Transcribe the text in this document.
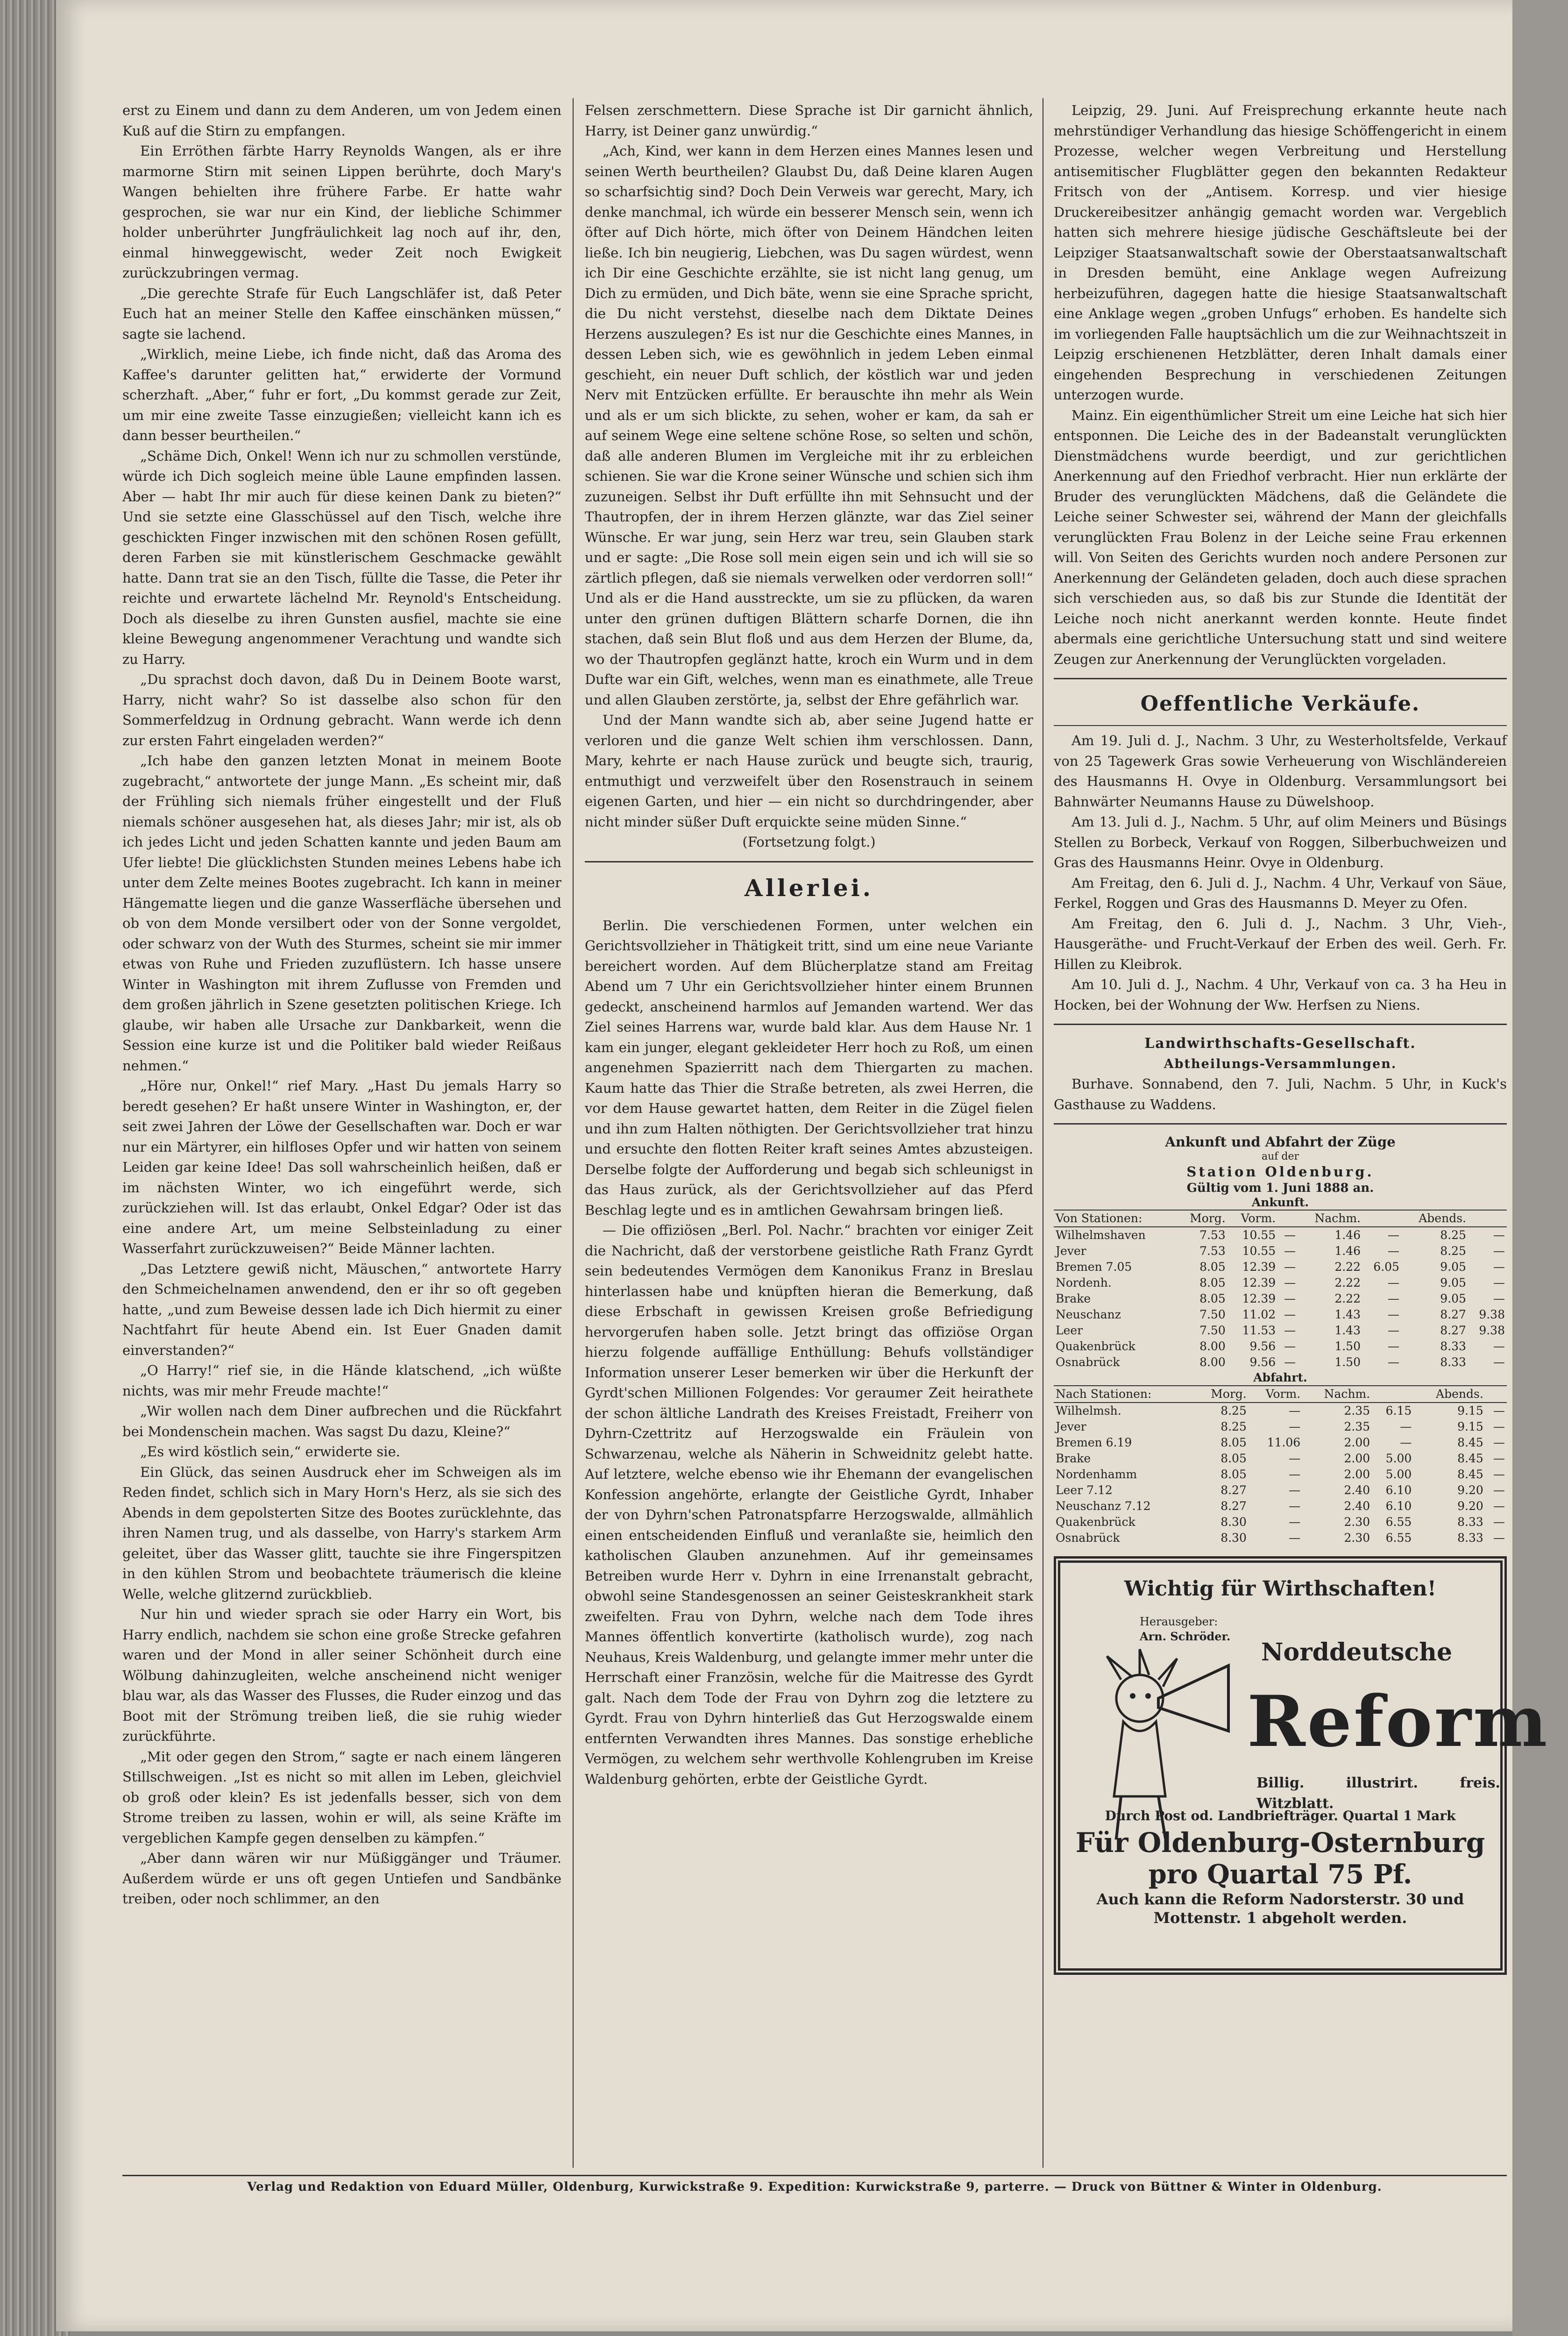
erst zu Einem und dann zu dem Anderen, um von Jedem einen Kuß auf die Stirn zu empfangen.

Ein Erröthen färbte Harry Reynolds Wangen, als er ihre marmorne Stirn mit seinen Lippen berührte, doch Mary's Wangen behielten ihre frühere Farbe. Er hatte wahr gesprochen, sie war nur ein Kind, der liebliche Schimmer holder unberührter Jungfräulichkeit lag noch auf ihr, den, einmal hinweggewischt, weder Zeit noch Ewigkeit zurückzubringen vermag.

„Die gerechte Strafe für Euch Langschläfer ist, daß Peter Euch hat an meiner Stelle den Kaffee einschänken müssen,“ sagte sie lachend.

„Wirklich, meine Liebe, ich finde nicht, daß das Aroma des Kaffee's darunter gelitten hat,“ erwiderte der Vormund scherzhaft. „Aber,“ fuhr er fort, „Du kommst gerade zur Zeit, um mir eine zweite Tasse einzugießen; vielleicht kann ich es dann besser beurtheilen.“

„Schäme Dich, Onkel! Wenn ich nur zu schmollen verstünde, würde ich Dich sogleich meine üble Laune empfinden lassen. Aber — habt Ihr mir auch für diese keinen Dank zu bieten?“ Und sie setzte eine Glasschüssel auf den Tisch, welche ihre geschickten Finger inzwischen mit den schönen Rosen gefüllt, deren Farben sie mit künstlerischem Geschmacke gewählt hatte. Dann trat sie an den Tisch, füllte die Tasse, die Peter ihr reichte und erwartete lächelnd Mr. Reynold's Entscheidung. Doch als dieselbe zu ihren Gunsten ausfiel, machte sie eine kleine Bewegung angenommener Verachtung und wandte sich zu Harry.

„Du sprachst doch davon, daß Du in Deinem Boote warst, Harry, nicht wahr? So ist dasselbe also schon für den Sommerfeldzug in Ordnung gebracht. Wann werde ich denn zur ersten Fahrt eingeladen werden?“

„Ich habe den ganzen letzten Monat in meinem Boote zugebracht,“ antwortete der junge Mann. „Es scheint mir, daß der Frühling sich niemals früher eingestellt und der Fluß niemals schöner ausgesehen hat, als dieses Jahr; mir ist, als ob ich jedes Licht und jeden Schatten kannte und jeden Baum am Ufer liebte! Die glücklichsten Stunden meines Lebens habe ich unter dem Zelte meines Bootes zugebracht. Ich kann in meiner Hängematte liegen und die ganze Wasserfläche übersehen und ob von dem Monde versilbert oder von der Sonne vergoldet, oder schwarz von der Wuth des Sturmes, scheint sie mir immer etwas von Ruhe und Frieden zuzuflüstern. Ich hasse unsere Winter in Washington mit ihrem Zuflusse von Fremden und dem großen jährlich in Szene gesetzten politischen Kriege. Ich glaube, wir haben alle Ursache zur Dankbarkeit, wenn die Session eine kurze ist und die Politiker bald wieder Reißaus nehmen.“

„Höre nur, Onkel!“ rief Mary. „Hast Du jemals Harry so beredt gesehen? Er haßt unsere Winter in Washington, er, der seit zwei Jahren der Löwe der Gesellschaften war. Doch er war nur ein Märtyrer, ein hilfloses Opfer und wir hatten von seinem Leiden gar keine Idee! Das soll wahrscheinlich heißen, daß er im nächsten Winter, wo ich eingeführt werde, sich zurückziehen will. Ist das erlaubt, Onkel Edgar? Oder ist das eine andere Art, um meine Selbsteinladung zu einer Wasserfahrt zurückzuweisen?“ Beide Männer lachten.

„Das Letztere gewiß nicht, Mäuschen,“ antwortete Harry den Schmeichelnamen anwendend, den er ihr so oft gegeben hatte, „und zum Beweise dessen lade ich Dich hiermit zu einer Nachtfahrt für heute Abend ein. Ist Euer Gnaden damit einverstanden?“

„O Harry!“ rief sie, in die Hände klatschend, „ich wüßte nichts, was mir mehr Freude machte!“

„Wir wollen nach dem Diner aufbrechen und die Rückfahrt bei Mondenschein machen. Was sagst Du dazu, Kleine?“

„Es wird köstlich sein,“ erwiderte sie.

Ein Glück, das seinen Ausdruck eher im Schweigen als im Reden findet, schlich sich in Mary Horn's Herz, als sie sich des Abends in dem gepolsterten Sitze des Bootes zurücklehnte, das ihren Namen trug, und als dasselbe, von Harry's starkem Arm geleitet, über das Wasser glitt, tauchte sie ihre Fingerspitzen in den kühlen Strom und beobachtete träumerisch die kleine Welle, welche glitzernd zurückblieb.

Nur hin und wieder sprach sie oder Harry ein Wort, bis Harry endlich, nachdem sie schon eine große Strecke gefahren waren und der Mond in aller seiner Schönheit durch eine Wölbung dahinzugleiten, welche anscheinend nicht weniger blau war, als das Wasser des Flusses, die Ruder einzog und das Boot mit der Strömung treiben ließ, die sie ruhig wieder zurückführte.

„Mit oder gegen den Strom,“ sagte er nach einem längeren Stillschweigen. „Ist es nicht so mit allen im Leben, gleichviel ob groß oder klein? Es ist jedenfalls besser, sich von dem Strome treiben zu lassen, wohin er will, als seine Kräfte im vergeblichen Kampfe gegen denselben zu kämpfen.“

„Aber dann wären wir nur Müßiggänger und Träumer. Außerdem würde er uns oft gegen Untiefen und Sandbänke treiben, oder noch schlimmer, an den

Felsen zerschmettern. Diese Sprache ist Dir garnicht ähnlich, Harry, ist Deiner ganz unwürdig.“

„Ach, Kind, wer kann in dem Herzen eines Mannes lesen und seinen Werth beurtheilen? Glaubst Du, daß Deine klaren Augen so scharfsichtig sind? Doch Dein Verweis war gerecht, Mary, ich denke manchmal, ich würde ein besserer Mensch sein, wenn ich öfter auf Dich hörte, mich öfter von Deinem Händchen leiten ließe. Ich bin neugierig, Liebchen, was Du sagen würdest, wenn ich Dir eine Geschichte erzählte, sie ist nicht lang genug, um Dich zu ermüden, und Dich bäte, wenn sie eine Sprache spricht, die Du nicht verstehst, dieselbe nach dem Diktate Deines Herzens auszulegen? Es ist nur die Geschichte eines Mannes, in dessen Leben sich, wie es gewöhnlich in jedem Leben einmal geschieht, ein neuer Duft schlich, der köstlich war und jeden Nerv mit Entzücken erfüllte. Er berauschte ihn mehr als Wein und als er um sich blickte, zu sehen, woher er kam, da sah er auf seinem Wege eine seltene schöne Rose, so selten und schön, daß alle anderen Blumen im Vergleiche mit ihr zu erbleichen schienen. Sie war die Krone seiner Wünsche und schien sich ihm zuzuneigen. Selbst ihr Duft erfüllte ihn mit Sehnsucht und der Thautropfen, der in ihrem Herzen glänzte, war das Ziel seiner Wünsche. Er war jung, sein Herz war treu, sein Glauben stark und er sagte: „Die Rose soll mein eigen sein und ich will sie so zärtlich pflegen, daß sie niemals verwelken oder verdorren soll!“ Und als er die Hand ausstreckte, um sie zu pflücken, da waren unter den grünen duftigen Blättern scharfe Dornen, die ihn stachen, daß sein Blut floß und aus dem Herzen der Blume, da, wo der Thautropfen geglänzt hatte, kroch ein Wurm und in dem Dufte war ein Gift, welches, wenn man es einathmete, alle Treue und allen Glauben zerstörte, ja, selbst der Ehre gefährlich war.

Und der Mann wandte sich ab, aber seine Jugend hatte er verloren und die ganze Welt schien ihm verschlossen. Dann, Mary, kehrte er nach Hause zurück und beugte sich, traurig, entmuthigt und verzweifelt über den Rosenstrauch in seinem eigenen Garten, und hier — ein nicht so durchdringender, aber nicht minder süßer Duft erquickte seine müden Sinne.“

(Fortsetzung folgt.)

Allerlei.

Berlin. Die verschiedenen Formen, unter welchen ein Gerichtsvollzieher in Thätigkeit tritt, sind um eine neue Variante bereichert worden. Auf dem Blücherplatze stand am Freitag Abend um 7 Uhr ein Gerichtsvollzieher hinter einem Brunnen gedeckt, anscheinend harmlos auf Jemanden wartend. Wer das Ziel seines Harrens war, wurde bald klar. Aus dem Hause Nr. 1 kam ein junger, elegant gekleideter Herr hoch zu Roß, um einen angenehmen Spazierritt nach dem Thiergarten zu machen. Kaum hatte das Thier die Straße betreten, als zwei Herren, die vor dem Hause gewartet hatten, dem Reiter in die Zügel fielen und ihn zum Halten nöthigten. Der Gerichtsvollzieher trat hinzu und ersuchte den flotten Reiter kraft seines Amtes abzusteigen. Derselbe folgte der Aufforderung und begab sich schleunigst in das Haus zurück, als der Gerichtsvollzieher auf das Pferd Beschlag legte und es in amtlichen Gewahrsam bringen ließ.

— Die offiziösen „Berl. Pol. Nachr.“ brachten vor einiger Zeit die Nachricht, daß der verstorbene geistliche Rath Franz Gyrdt sein bedeutendes Vermögen dem Kanonikus Franz in Breslau hinterlassen habe und knüpften hieran die Bemerkung, daß diese Erbschaft in gewissen Kreisen große Befriedigung hervorgerufen haben solle. Jetzt bringt das offiziöse Organ hierzu folgende auffällige Enthüllung: Behufs vollständiger Information unserer Leser bemerken wir über die Herkunft der Gyrdt'schen Millionen Folgendes: Vor geraumer Zeit heirathete der schon ältliche Landrath des Kreises Freistadt, Freiherr von Dyhrn-Czettritz auf Herzogswalde ein Fräulein von Schwarzenau, welche als Näherin in Schweidnitz gelebt hatte. Auf letztere, welche ebenso wie ihr Ehemann der evangelischen Konfession angehörte, erlangte der Geistliche Gyrdt, Inhaber der von Dyhrn'schen Patronatspfarre Herzogswalde, allmählich einen entscheidenden Einfluß und veranlaßte sie, heimlich den katholischen Glauben anzunehmen. Auf ihr gemeinsames Betreiben wurde Herr v. Dyhrn in eine Irrenanstalt gebracht, obwohl seine Standesgenossen an seiner Geisteskrankheit stark zweifelten. Frau von Dyhrn, welche nach dem Tode ihres Mannes öffentlich konvertirte (katholisch wurde), zog nach Neuhaus, Kreis Waldenburg, und gelangte immer mehr unter die Herrschaft einer Französin, welche für die Maitresse des Gyrdt galt. Nach dem Tode der Frau von Dyhrn zog die letztere zu Gyrdt. Frau von Dyhrn hinterließ das Gut Herzogswalde einem entfernten Verwandten ihres Mannes. Das sonstige erhebliche Vermögen, zu welchem sehr werthvolle Kohlengruben im Kreise Waldenburg gehörten, erbte der Geistliche Gyrdt.

Leipzig, 29. Juni. Auf Freisprechung erkannte heute nach mehrstündiger Verhandlung das hiesige Schöffengericht in einem Prozesse, welcher wegen Verbreitung und Herstellung antisemitischer Flugblätter gegen den bekannten Redakteur Fritsch von der „Antisem. Korresp. und vier hiesige Druckereibesitzer anhängig gemacht worden war. Vergeblich hatten sich mehrere hiesige jüdische Geschäftsleute bei der Leipziger Staatsanwaltschaft sowie der Oberstaatsanwaltschaft in Dresden bemüht, eine Anklage wegen Aufreizung herbeizuführen, dagegen hatte die hiesige Staatsanwaltschaft eine Anklage wegen „groben Unfugs“ erhoben. Es handelte sich im vorliegenden Falle hauptsächlich um die zur Weihnachtszeit in Leipzig erschienenen Hetzblätter, deren Inhalt damals einer eingehenden Besprechung in verschiedenen Zeitungen unterzogen wurde.

Mainz. Ein eigenthümlicher Streit um eine Leiche hat sich hier entsponnen. Die Leiche des in der Badeanstalt verunglückten Dienstmädchens wurde beerdigt, und zur gerichtlichen Anerkennung auf den Friedhof verbracht. Hier nun erklärte der Bruder des verunglückten Mädchens, daß die Geländete die Leiche seiner Schwester sei, während der Mann der gleichfalls verunglückten Frau Bolenz in der Leiche seine Frau erkennen will. Von Seiten des Gerichts wurden noch andere Personen zur Anerkennung der Geländeten geladen, doch auch diese sprachen sich verschieden aus, so daß bis zur Stunde die Identität der Leiche noch nicht anerkannt werden konnte. Heute findet abermals eine gerichtliche Untersuchung statt und sind weitere Zeugen zur Anerkennung der Verunglückten vorgeladen.

Oeffentliche Verkäufe.

Am 19. Juli d. J., Nachm. 3 Uhr, zu Westerholtsfelde, Verkauf von 25 Tagewerk Gras sowie Verheuerung von Wischländereien des Hausmanns H. Ovye in Oldenburg. Versammlungsort bei Bahnwärter Neumanns Hause zu Düwelshoop.

Am 13. Juli d. J., Nachm. 5 Uhr, auf olim Meiners und Büsings Stellen zu Borbeck, Verkauf von Roggen, Silberbuchweizen und Gras des Hausmanns Heinr. Ovye in Oldenburg.

Am Freitag, den 6. Juli d. J., Nachm. 4 Uhr, Verkauf von Säue, Ferkel, Roggen und Gras des Hausmanns D. Meyer zu Ofen.

Am Freitag, den 6. Juli d. J., Nachm. 3 Uhr, Vieh-, Hausgeräthe- und Frucht-Verkauf der Erben des weil. Gerh. Fr. Hillen zu Kleibrok.

Am 10. Juli d. J., Nachm. 4 Uhr, Verkauf von ca. 3 ha Heu in Hocken, bei der Wohnung der Ww. Herfsen zu Niens.

Landwirthschafts-Gesellschaft.
Abtheilungs-Versammlungen.

Burhave. Sonnabend, den 7. Juli, Nachm. 5 Uhr, in Kuck's Gasthause zu Waddens.

Ankunft und Abfahrt der Züge
auf der
Station Oldenburg.
Gültig vom 1. Juni 1888 an.
Ankunft.
Von Stationen:	Morg.	Vorm.		Nachm.		Abends.	
Wilhelmshaven	7.53	10.55	—	1.46	—	8.25	—
Jever	7.53	10.55	—	1.46	—	8.25	—
Bremen 7.05	8.05	12.39	—	2.22	6.05	9.05	—
Nordenh.	8.05	12.39	—	2.22	—	9.05	—
Brake	8.05	12.39	—	2.22	—	9.05	—
Neuschanz	7.50	11.02	—	1.43	—	8.27	9.38
Leer	7.50	11.53	—	1.43	—	8.27	9.38
Quakenbrück	8.00	9.56	—	1.50	—	8.33	—
Osnabrück	8.00	9.56	—	1.50	—	8.33	—
Abfahrt.
Nach Stationen:	Morg.	Vorm.	Nachm.		Abends.	
Wilhelmsh.	8.25	—	2.35	6.15	9.15	—
Jever	8.25	—	2.35	—	9.15	—
Bremen 6.19	8.05	11.06	2.00	—	8.45	—
Brake	8.05	—	2.00	5.00	8.45	—
Nordenhamm	8.05	—	2.00	5.00	8.45	—
Leer 7.12	8.27	—	2.40	6.10	9.20	—
Neuschanz 7.12	8.27	—	2.40	6.10	9.20	—
Quakenbrück	8.30	—	2.30	6.55	8.33	—
Osnabrück	8.30	—	2.30	6.55	8.33	—
Wichtig für Wirthschaften!
Herausgeber:
Arn. Schröder.
Norddeutsche
Reform
Billig. illustrirt. freis. Witzblatt.
Durch Post od. Landbriefträger. Quartal 1 Mark
Für Oldenburg-Osternburg
pro Quartal 75 Pf.
Auch kann die Reform Nadorsterstr. 30 und Mottenstr. 1 abgeholt werden.
Verlag und Redaktion von Eduard Müller, Oldenburg, Kurwickstraße 9. Expedition: Kurwickstraße 9, parterre. — Druck von Büttner & Winter in Oldenburg.
